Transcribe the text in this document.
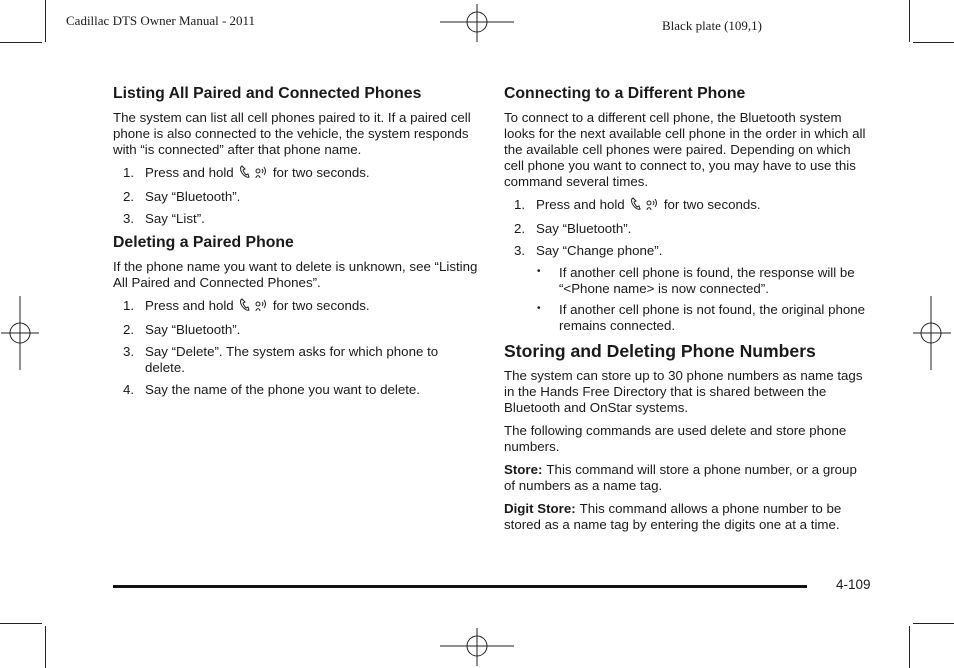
Cadillac DTS Owner Manual - 2011	Black plate (109,1)
Listing All Paired and Connected Phones

The system can list all cell phones paired to it. If a paired cell phone is also connected to the vehicle, the system responds with “is connected” after that phone name.

1. Press and hold	for two seconds.
2. Say “Bluetooth”.
3. Say “List”.
Deleting a Paired Phone

If the phone name you want to delete is unknown, see “Listing All Paired and Connected Phones”.

1. Press and hold	for two seconds.
2. Say “Bluetooth”.
3. Say “Delete”. The system asks for which phone to delete.
4. Say the name of the phone you want to delete.
Connecting to a Different Phone

To connect to a different cell phone, the Bluetooth system looks for the next available cell phone in the order in which all the available cell phones were paired. Depending on which cell phone you want to connect to, you may have to use this command several times.

1. Press and hold	for two seconds.
2. Say “Bluetooth”.
3. Say “Change phone”.
• If another cell phone is found, the response will be “<Phone name> is now connected”.
• If another cell phone is not found, the original phone remains connected.
Storing and Deleting Phone Numbers

The system can store up to 30 phone numbers as name tags in the Hands Free Directory that is shared between the Bluetooth and OnStar systems.

The following commands are used delete and store phone numbers.

Store: This command will store a phone number, or a group of numbers as a name tag.

Digit Store: This command allows a phone number to be stored as a name tag by entering the digits one at a time.

4-109
